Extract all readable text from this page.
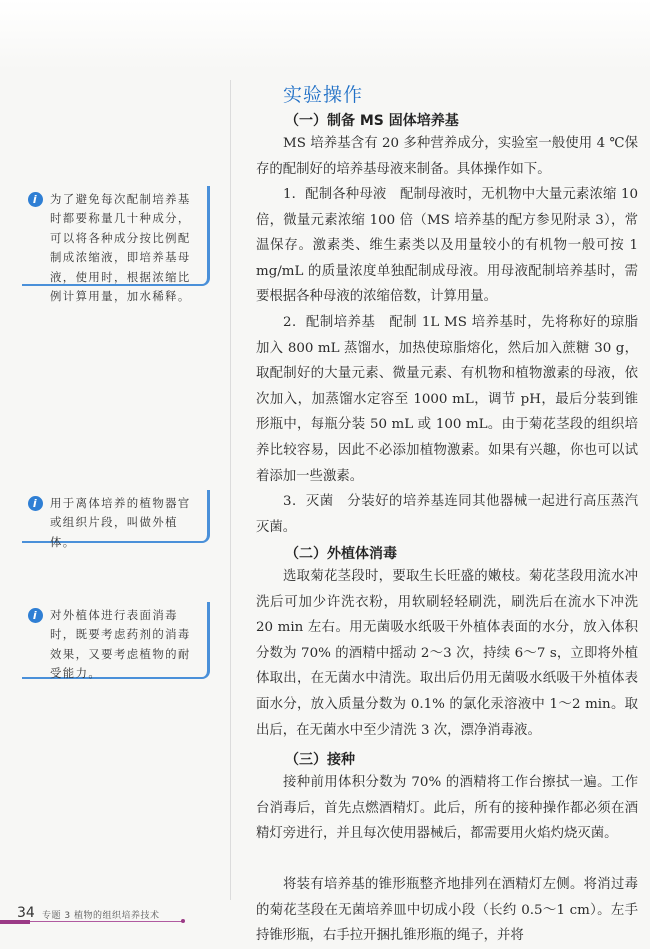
实验操作
（一）制备 MS 固体培养基
MS 培养基含有 20 多种营养成分，实验室一般使用 4 ℃保存的配制好的培养基母液来制备。具体操作如下。
1．配制各种母液　配制母液时，无机物中大量元素浓缩 10 倍，微量元素浓缩 100 倍（MS 培养基的配方参见附录 3），常温保存。激素类、维生素类以及用量较小的有机物一般可按 1 mg/mL 的质量浓度单独配制成母液。用母液配制培养基时，需要根据各种母液的浓缩倍数，计算用量。
2．配制培养基　配制 1L MS 培养基时，先将称好的琼脂加入 800 mL 蒸馏水，加热使琼脂熔化，然后加入蔗糖 30 g，取配制好的大量元素、微量元素、有机物和植物激素的母液，依次加入，加蒸馏水定容至 1000 mL，调节 pH，最后分装到锥形瓶中，每瓶分装 50 mL 或 100 mL。由于菊花茎段的组织培养比较容易，因此不必添加植物激素。如果有兴趣，你也可以试着添加一些激素。
3．灭菌　分装好的培养基连同其他器械一起进行高压蒸汽灭菌。
（二）外植体消毒
选取菊花茎段时，要取生长旺盛的嫩枝。菊花茎段用流水冲洗后可加少许洗衣粉，用软刷轻轻刷洗，刷洗后在流水下冲洗 20 min 左右。用无菌吸水纸吸干外植体表面的水分，放入体积分数为 70% 的酒精中摇动 2～3 次，持续 6～7 s，立即将外植体取出，在无菌水中清洗。取出后仍用无菌吸水纸吸干外植体表面水分，放入质量分数为 0.1% 的氯化汞溶液中 1～2 min。取出后，在无菌水中至少清洗 3 次，漂净消毒液。
（三）接种
接种前用体积分数为 70% 的酒精将工作台擦拭一遍。工作台消毒后，首先点燃酒精灯。此后，所有的接种操作都必须在酒精灯旁进行，并且每次使用器械后，都需要用火焰灼烧灭菌。
将装有培养基的锥形瓶整齐地排列在酒精灯左侧。将消过毒的菊花茎段在无菌培养皿中切成小段（长约 0.5～1 cm）。左手持锥形瓶，右手拉开捆扎锥形瓶的绳子，并将
i	为了避免每次配制培养基时都要称量几十种成分，可以将各种成分按比例配制成浓缩液，即培养基母液，使用时，根据浓缩比例计算用量，加水稀释。
i	用于离体培养的植物器官或组织片段，叫做外植体。
i	对外植体进行表面消毒时，既要考虑药剂的消毒效果，又要考虑植物的耐受能力。
34 专题 3 植物的组织培养技术
